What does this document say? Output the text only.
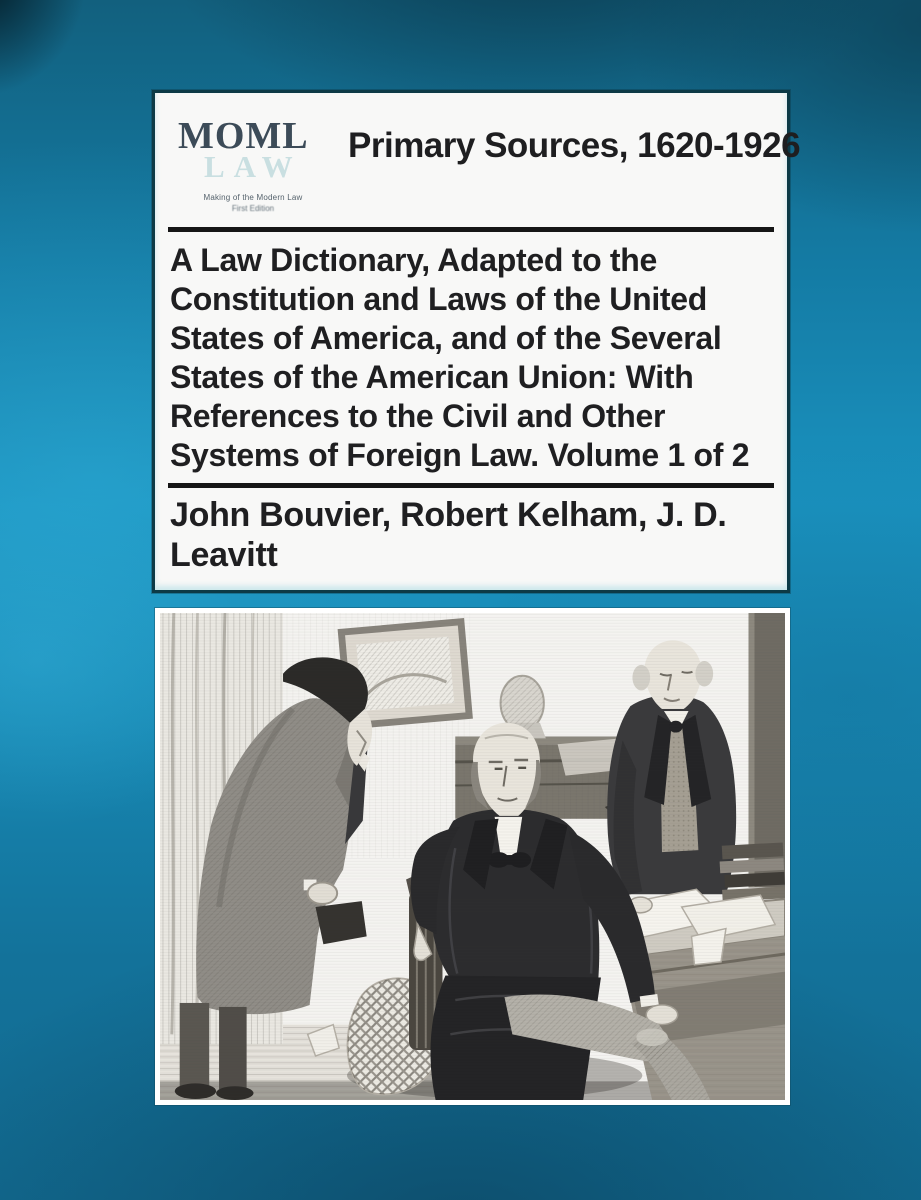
MOML
LAW
Making of the Modern Law
First Edition
Primary Sources, 1620-1926
A Law Dictionary, Adapted to the
Constitution and Laws of the United
States of America, and of the Several
States of the American Union: With
References to the Civil and Other
Systems of Foreign Law. Volume 1 of 2
John Bouvier, Robert Kelham, J. D.
Leavitt
